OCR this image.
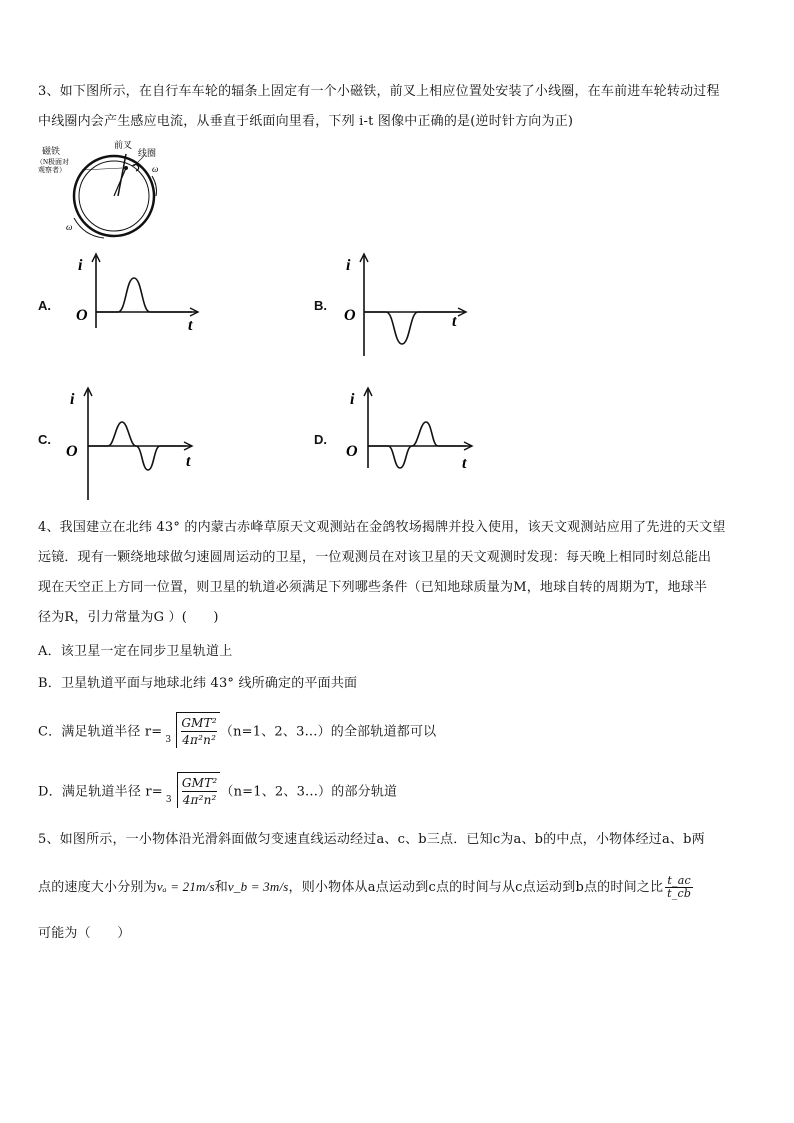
3、如下图所示，在自行车车轮的辐条上固定有一个小磁铁，前叉上相应位置处安装了小线圈，在车前进车轮转动过程
中线圈内会产生感应电流，从垂直于纸面向里看，下列 i-t 图像中正确的是(逆时针方向为正)
磁铁
（N极面对
观察者）
前叉
线圈
ω
ω
A.
i
O
t
B.
i
O	t
C.
i
O
t
D.
i
O
t
4、我国建立在北纬 43° 的内蒙古赤峰草原天文观测站在金鸽牧场揭牌并投入使用，该天文观测站应用了先进的天文望
远镜．现有一颗绕地球做匀速圆周运动的卫星，一位观测员在对该卫星的天文观测时发现：每天晚上相同时刻总能出
现在天空正上方同一位置，则卫星的轨道必须满足下列哪些条件（已知地球质量为M，地球自转的周期为T，地球半
径为R，引力常量为G ）(　　)
A．该卫星一定在同步卫星轨道上
B．卫星轨道平面与地球北纬 43° 线所确定的平面共面
C．满足轨道半径 r=
3
GMT²
4π²n²
（n=1、2、3...）的全部轨道都可以
D．满足轨道半径 r=
3
GMT²
4π²n²
（n=1、2、3...）的部分轨道
5、如图所示，一小物体沿光滑斜面做匀变速直线运动经过a、c、b三点．已知c为a、b的中点，小物体经过a、b两
点的速度大小分别为vₐ = 21m/s和v_b = 3m/s，则小物体从a点运动到c点的时间与从c点运动到b点的时间之比 $\frac{t\_ac}{t\_cb}$
可能为（　　）
